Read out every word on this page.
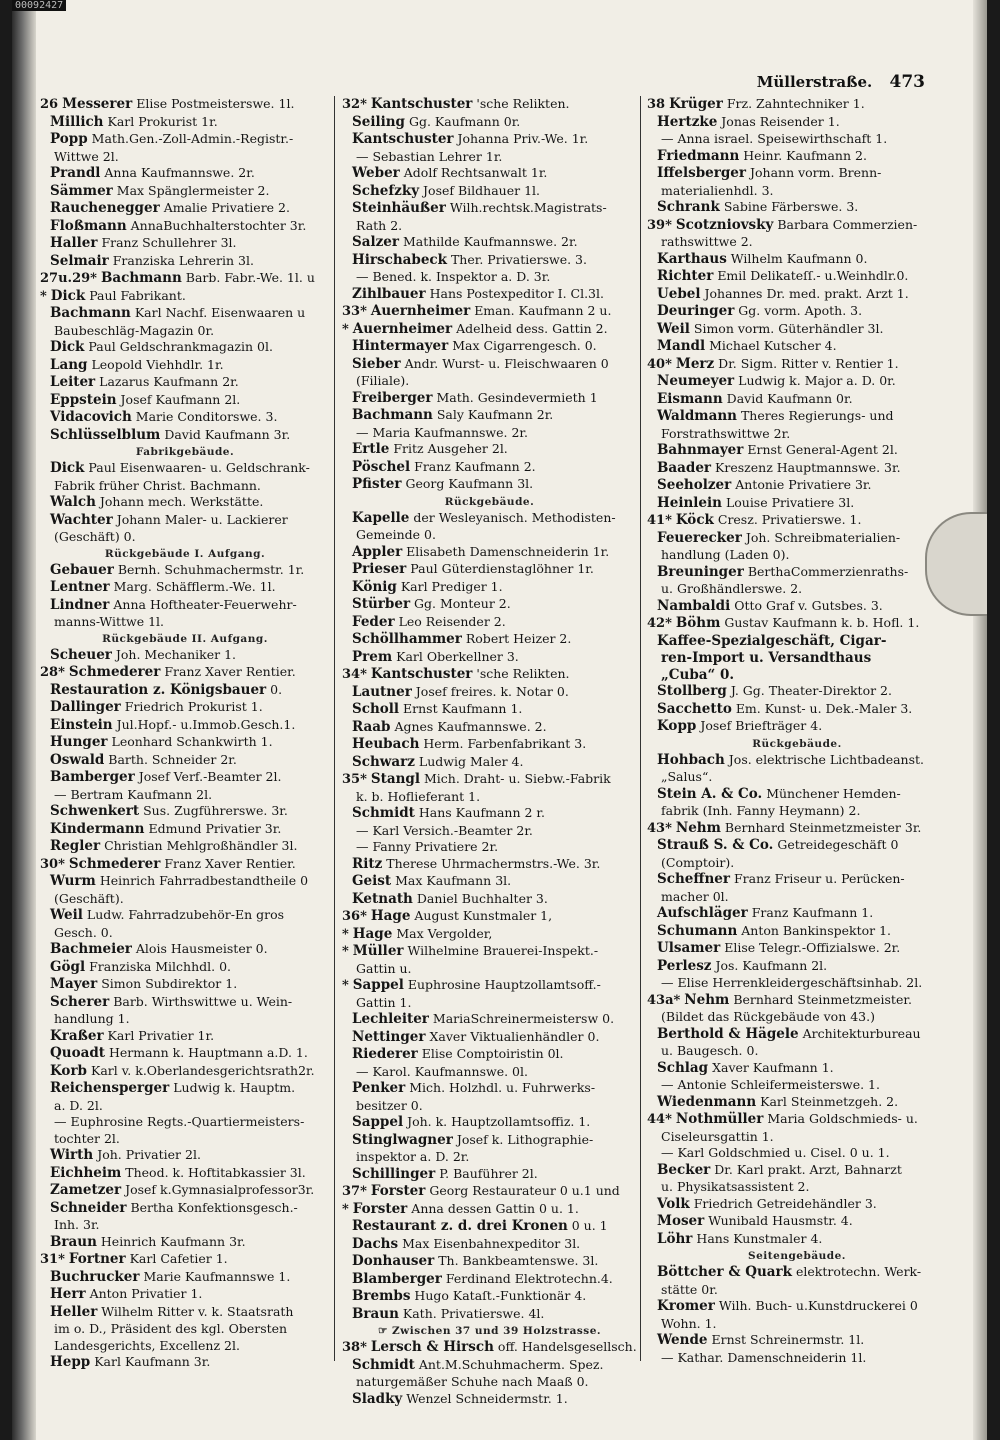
00092427
Müllerstraße. 473
26 Messerer Elise Postmeisterswe. 1l.
Millich Karl Prokurist 1r.
Popp Math.Gen.-Zoll-Admin.-Registr.-
Wittwe 2l.
Prandl Anna Kaufmannswe. 2r.
Sämmer Max Spänglermeister 2.
Rauchenegger Amalie Privatiere 2.
Floßmann AnnaBuchhalterstochter 3r.
Haller Franz Schullehrer 3l.
Selmair Franziska Lehrerin 3l.
27u.29* Bachmann Barb. Fabr.-We. 1l. u
* Dick Paul Fabrikant.
Bachmann Karl Nachf. Eisenwaaren u
Baubeschläg-Magazin 0r.
Dick Paul Geldschrankmagazin 0l.
Lang Leopold Viehhdlr. 1r.
Leiter Lazarus Kaufmann 2r.
Eppstein Josef Kaufmann 2l.
Vidacovich Marie Conditorswe. 3.
Schlüsselblum David Kaufmann 3r.
Fabrikgebäude.
Dick Paul Eisenwaaren- u. Geldschrank-
Fabrik früher Christ. Bachmann.
Walch Johann mech. Werkstätte.
Wachter Johann Maler- u. Lackierer
(Geschäft) 0.
Rückgebäude I. Aufgang.
Gebauer Bernh. Schuhmachermstr. 1r.
Lentner Marg. Schäfflerm.-We. 1l.
Lindner Anna Hoftheater-Feuerwehr-
manns-Wittwe 1l.
Rückgebäude II. Aufgang.
Scheuer Joh. Mechaniker 1.
28* Schmederer Franz Xaver Rentier.
Restauration z. Königsbauer 0.
Dallinger Friedrich Prokurist 1.
Einstein Jul.Hopf.- u.Immob.Gesch.1.
Hunger Leonhard Schankwirth 1.
Oswald Barth. Schneider 2r.
Bamberger Josef Verf.-Beamter 2l.
— Bertram Kaufmann 2l.
Schwenkert Sus. Zugführerswe. 3r.
Kindermann Edmund Privatier 3r.
Regler Christian Mehlgroßhändler 3l.
30* Schmederer Franz Xaver Rentier.
Wurm Heinrich Fahrradbestandtheile 0
(Geschäft).
Weil Ludw. Fahrradzubehör-En gros
Gesch. 0.
Bachmeier Alois Hausmeister 0.
Gögl Franziska Milchhdl. 0.
Mayer Simon Subdirektor 1.
Scherer Barb. Wirthswittwe u. Wein-
handlung 1.
Kraßer Karl Privatier 1r.
Quoadt Hermann k. Hauptmann a.D. 1.
Korb Karl v. k.Oberlandesgerichtsrath2r.
Reichensperger Ludwig k. Hauptm.
a. D. 2l.
— Euphrosine Regts.-Quartiermeisters-
tochter 2l.
Wirth Joh. Privatier 2l.
Eichheim Theod. k. Hoftitabkassier 3l.
Zametzer Josef k.Gymnasialprofessor3r.
Schneider Bertha Konfektionsgesch.-
Inh. 3r.
Braun Heinrich Kaufmann 3r.
31* Fortner Karl Cafetier 1.
Buchrucker Marie Kaufmannswe 1.
Herr Anton Privatier 1.
Heller Wilhelm Ritter v. k. Staatsrath
im o. D., Präsident des kgl. Obersten
Landesgerichts, Excellenz 2l.
Hepp Karl Kaufmann 3r.
32* Kantschuster 'sche Relikten.
Seiling Gg. Kaufmann 0r.
Kantschuster Johanna Priv.-We. 1r.
— Sebastian Lehrer 1r.
Weber Adolf Rechtsanwalt 1r.
Schefzky Josef Bildhauer 1l.
Steinhäußer Wilh.rechtsk.Magistrats-
Rath 2.
Salzer Mathilde Kaufmannswe. 2r.
Hirschabeck Ther. Privatierswe. 3.
— Bened. k. Inspektor a. D. 3r.
Zihlbauer Hans Postexpeditor I. Cl.3l.
33* Auernheimer Eman. Kaufmann 2 u.
* Auernheimer Adelheid dess. Gattin 2.
Hintermayer Max Cigarrengesch. 0.
Sieber Andr. Wurst- u. Fleischwaaren 0
(Filiale).
Freiberger Math. Gesindevermieth 1
Bachmann Saly Kaufmann 2r.
— Maria Kaufmannswe. 2r.
Ertle Fritz Ausgeher 2l.
Pöschel Franz Kaufmann 2.
Pfister Georg Kaufmann 3l.
Rückgebäude.
Kapelle der Wesleyanisch. Methodisten-
Gemeinde 0.
Appler Elisabeth Damenschneiderin 1r.
Prieser Paul Güterdienstaglöhner 1r.
König Karl Prediger 1.
Stürber Gg. Monteur 2.
Feder Leo Reisender 2.
Schöllhammer Robert Heizer 2.
Prem Karl Oberkellner 3.
34* Kantschuster 'sche Relikten.
Lautner Josef freires. k. Notar 0.
Scholl Ernst Kaufmann 1.
Raab Agnes Kaufmannswe. 2.
Heubach Herm. Farbenfabrikant 3.
Schwarz Ludwig Maler 4.
35* Stangl Mich. Draht- u. Siebw.-Fabrik
k. b. Hoflieferant 1.
Schmidt Hans Kaufmann 2 r.
— Karl Versich.-Beamter 2r.
— Fanny Privatiere 2r.
Ritz Therese Uhrmachermstrs.-We. 3r.
Geist Max Kaufmann 3l.
Ketnath Daniel Buchhalter 3.
36* Hage August Kunstmaler 1,
* Hage Max Vergolder,
* Müller Wilhelmine Brauerei-Inspekt.-
Gattin u.
* Sappel Euphrosine Hauptzollamtsoff.-
Gattin 1.
Lechleiter MariaSchreinermeistersw 0.
Nettinger Xaver Viktualienhändler 0.
Riederer Elise Comptoiristin 0l.
— Karol. Kaufmannswe. 0l.
Penker Mich. Holzhdl. u. Fuhrwerks-
besitzer 0.
Sappel Joh. k. Hauptzollamtsoffiz. 1.
Stinglwagner Josef k. Lithographie-
inspektor a. D. 2r.
Schillinger P. Bauführer 2l.
37* Forster Georg Restaurateur 0 u.1 und
* Forster Anna dessen Gattin 0 u. 1.
Restaurant z. d. drei Kronen 0 u. 1
Dachs Max Eisenbahnexpeditor 3l.
Donhauser Th. Bankbeamtenswe. 3l.
Blamberger Ferdinand Elektrotechn.4.
Brembs Hugo Kataſt.-Funktionär 4.
Braun Kath. Privatierswe. 4l.
☞ Zwischen 37 und 39 Holzstrasse.
38* Lersch & Hirsch off. Handelsgesellsch.
Schmidt Ant.M.Schuhmacherm. Spez.
naturgemäßer Schuhe nach Maaß 0.
Sladky Wenzel Schneidermstr. 1.
38 Krüger Frz. Zahntechniker 1.
Hertzke Jonas Reisender 1.
— Anna israel. Speisewirthschaft 1.
Friedmann Heinr. Kaufmann 2.
Iffelsberger Johann vorm. Brenn-
materialienhdl. 3.
Schrank Sabine Färberswe. 3.
39* Scotzniovsky Barbara Commerzien-
rathswittwe 2.
Karthaus Wilhelm Kaufmann 0.
Richter Emil Delikateſſ.- u.Weinhdlr.0.
Uebel Johannes Dr. med. prakt. Arzt 1.
Deuringer Gg. vorm. Apoth. 3.
Weil Simon vorm. Güterhändler 3l.
Mandl Michael Kutscher 4.
40* Merz Dr. Sigm. Ritter v. Rentier 1.
Neumeyer Ludwig k. Major a. D. 0r.
Eismann David Kaufmann 0r.
Waldmann Theres Regierungs- und
Forstrathswittwe 2r.
Bahnmayer Ernst General-Agent 2l.
Baader Kreszenz Hauptmannswe. 3r.
Seeholzer Antonie Privatiere 3r.
Heinlein Louise Privatiere 3l.
41* Köck Cresz. Privatierswe. 1.
Feuerecker Joh. Schreibmaterialien-
handlung (Laden 0).
Breuninger BerthaCommerzienraths-
u. Großhändlerswe. 2.
Nambaldi Otto Graf v. Gutsbes. 3.
42* Böhm Gustav Kaufmann k. b. Hofl. 1.
Kaffee-Spezialgeschäft, Cigar-
ren-Import u. Versandthaus
„Cuba“ 0.
Stollberg J. Gg. Theater-Direktor 2.
Sacchetto Em. Kunst- u. Dek.-Maler 3.
Kopp Josef Briefträger 4.
Rückgebäude.
Hohbach Jos. elektrische Lichtbadeanst.
„Salus“.
Stein A. & Co. Münchener Hemden-
fabrik (Inh. Fanny Heymann) 2.
43* Nehm Bernhard Steinmetzmeister 3r.
Strauß S. & Co. Getreidegeschäft 0
(Comptoir).
Scheffner Franz Friseur u. Perücken-
macher 0l.
Aufschläger Franz Kaufmann 1.
Schumann Anton Bankinspektor 1.
Ulsamer Elise Telegr.-Offizialswe. 2r.
Perlesz Jos. Kaufmann 2l.
— Elise Herrenkleidergeschäftsinhab. 2l.
43a* Nehm Bernhard Steinmetzmeister.
(Bildet das Rückgebäude von 43.)
Berthold & Hägele Architekturbureau
u. Baugesch. 0.
Schlag Xaver Kaufmann 1.
— Antonie Schleifermeisterswe. 1.
Wiedenmann Karl Steinmetzgeh. 2.
44* Nothmüller Maria Goldschmieds- u.
Ciseleursgattin 1.
— Karl Goldschmied u. Cisel. 0 u. 1.
Becker Dr. Karl prakt. Arzt, Bahnarzt
u. Physikatsassistent 2.
Volk Friedrich Getreidehändler 3.
Moser Wunibald Hausmstr. 4.
Löhr Hans Kunstmaler 4.
Seitengebäude.
Böttcher & Quark elektrotechn. Werk-
stätte 0r.
Kromer Wilh. Buch- u.Kunstdruckerei 0
Wohn. 1.
Wende Ernst Schreinermstr. 1l.
— Kathar. Damenschneiderin 1l.
